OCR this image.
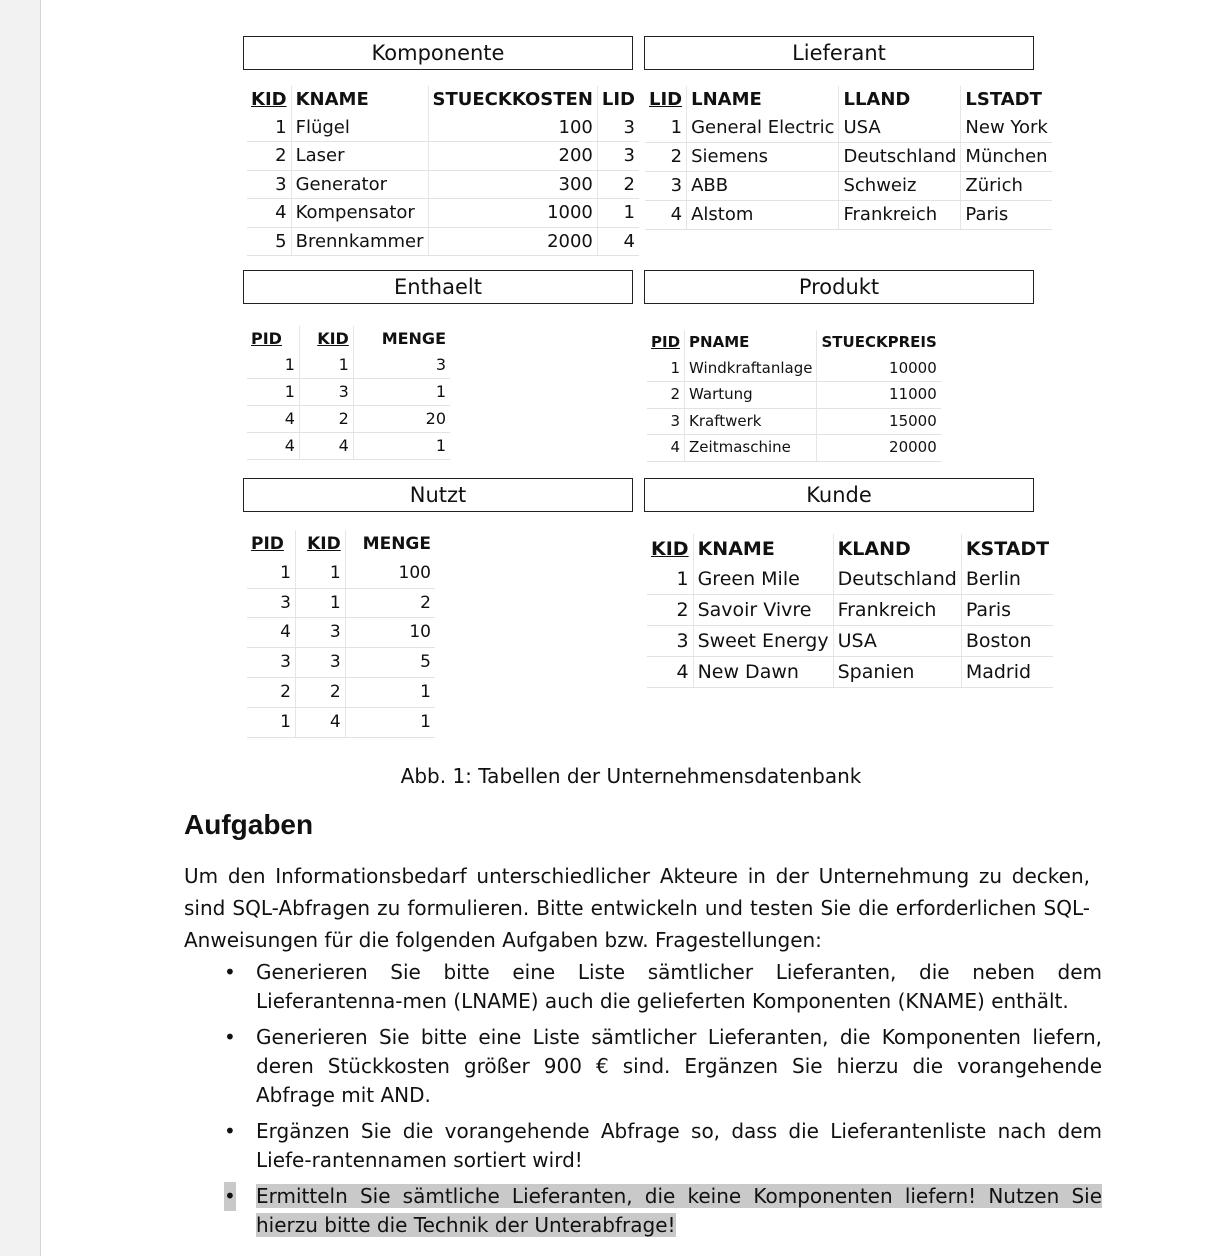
Komponente
KID	KNAME	STUECKKOSTEN	LID
1	Flügel	100	3
2	Laser	200	3
3	Generator	300	2
4	Kompensator	1000	1
5	Brennkammer	2000	4
Lieferant
LID	LNAME	LLAND	LSTADT
1	General Electric	USA	New York
2	Siemens	Deutschland	München
3	ABB	Schweiz	Zürich
4	Alstom	Frankreich	Paris
Enthaelt
PID	KID	MENGE
1	1	3
1	3	1
4	2	20
4	4	1
Produkt
PID	PNAME	STUECKPREIS
1	Windkraftanlage	10000
2	Wartung	11000
3	Kraftwerk	15000
4	Zeitmaschine	20000
Nutzt
PID	KID	MENGE
1	1	100
3	1	2
4	3	10
3	3	5
2	2	1
1	4	1
Kunde
KID	KNAME	KLAND	KSTADT
1	Green Mile	Deutschland	Berlin
2	Savoir Vivre	Frankreich	Paris
3	Sweet Energy	USA	Boston
4	New Dawn	Spanien	Madrid
Abb. 1: Tabellen der Unternehmensdatenbank
Aufgaben
Um den Informationsbedarf unterschiedlicher Akteure in der Unternehmung zu decken, sind SQL-Abfragen zu formulieren. Bitte entwickeln und testen Sie die erforderlichen SQL-Anweisungen für die folgenden Aufgaben bzw. Fragestellungen:
• Generieren Sie bitte eine Liste sämtlicher Lieferanten, die neben dem Lieferantenna-men (LNAME) auch die gelieferten Komponenten (KNAME) enthält.
• Generieren Sie bitte eine Liste sämtlicher Lieferanten, die Komponenten liefern, deren Stückkosten größer 900 € sind. Ergänzen Sie hierzu die vorangehende Abfrage mit AND.
• Ergänzen Sie die vorangehende Abfrage so, dass die Lieferantenliste nach dem Liefe-rantennamen sortiert wird!
• Ermitteln Sie sämtliche Lieferanten, die keine Komponenten liefern! Nutzen Sie hierzu bitte die Technik der Unterabfrage!
